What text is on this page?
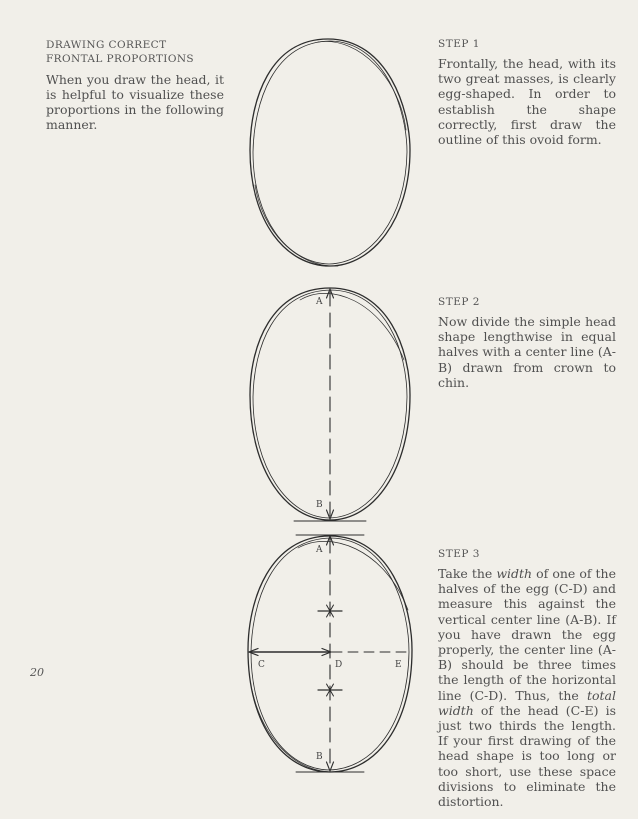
DRAWING CORRECT
FRONTAL PROPORTIONS
When you draw the head, it is helpful to visualize these proportions in the following manner.
STEP 1
Frontally, the head, with its two great masses, is clearly egg-shaped. In order to establish the shape correctly, first draw the outline of this ovoid form.
STEP 2
Now divide the simple head shape lengthwise in equal halves with a center line (A-B) drawn from crown to chin.
STEP 3
Take the width of one of the halves of the egg (C-D) and measure this against the vertical center line (A-B). If you have drawn the egg properly, the center line (A-B) should be three times the length of the horizontal line (C-D). Thus, the total width of the head (C-E) is just two thirds the length. If your first drawing of the head shape is too long or too short, use these space divisions to eliminate the distortion.
20
A
B
A
B
C	D	E
